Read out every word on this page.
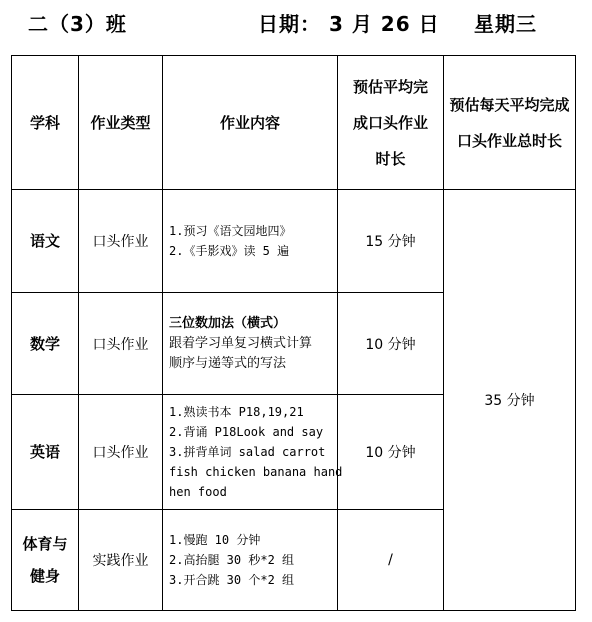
二（3）班	日期： 3 月 26 日 星期三
学科	作业类型	作业内容	预估平均完成口头作业时长	预估每天平均完成口头作业总时长

语文	口头作业	1.预习《语文园地四》
2.《手影戏》读 5 遍	15 分钟	35 分钟
数学	口头作业	三位数加法（横式）
跟着学习单复习横式计算
顺序与递等式的写法	10 分钟	
英语	口头作业	1.熟读书本 P18,19,21
2.背诵 P18Look and say
3.拼背单词 salad carrot
fish chicken banana hand
hen food	10 分钟	

体育与
健身	实践作业	1.慢跑 10 分钟
2.高抬腿 30 秒*2 组
3.开合跳 30 个*2 组	/	
